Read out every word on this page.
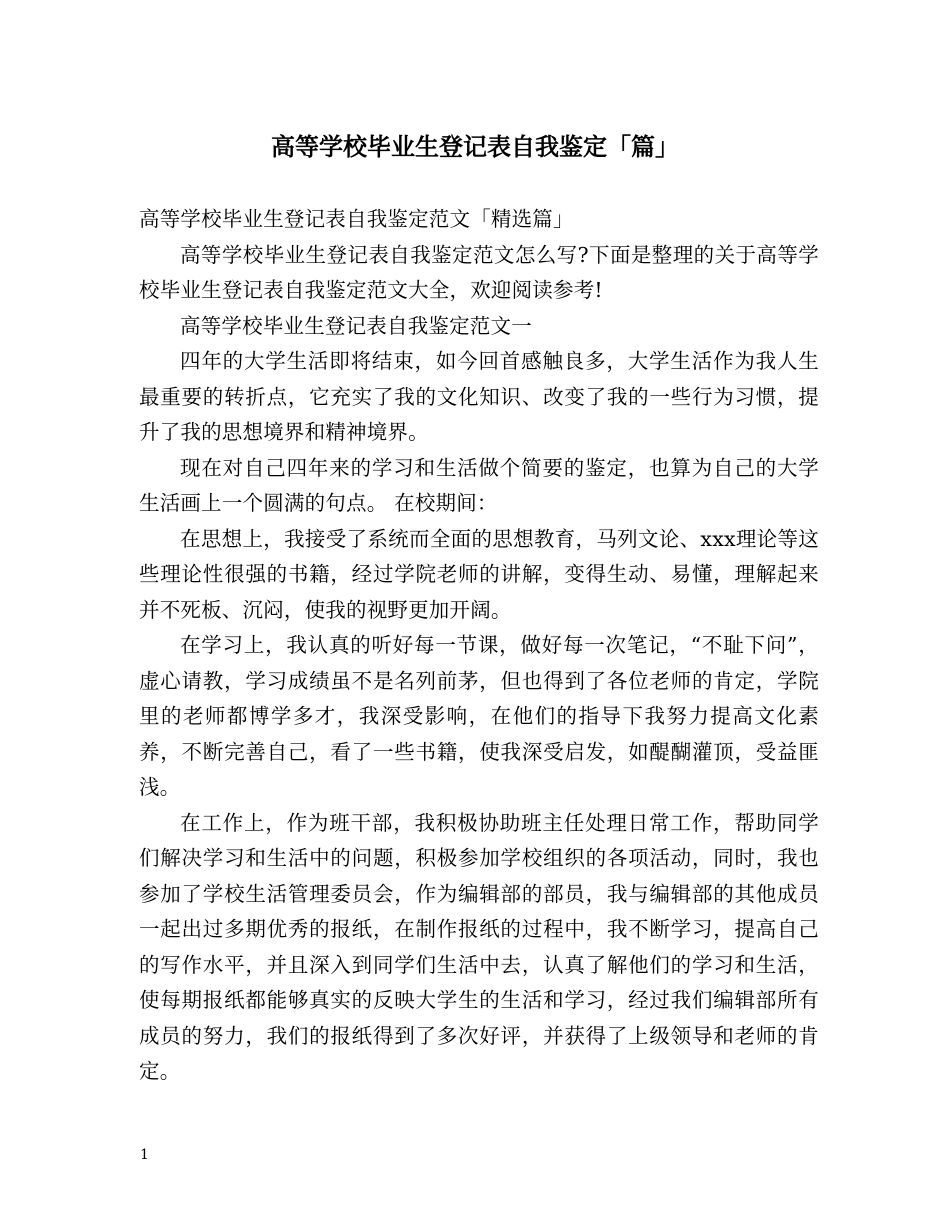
高等学校毕业生登记表自我鉴定「篇」

高等学校毕业生登记表自我鉴定范文「精选篇」

高等学校毕业生登记表自我鉴定范文怎么写?下面是整理的关于高等学校毕业生登记表自我鉴定范文大全，欢迎阅读参考!

高等学校毕业生登记表自我鉴定范文一

四年的大学生活即将结束，如今回首感触良多，大学生活作为我人生最重要的转折点，它充实了我的文化知识、改变了我的一些行为习惯，提升了我的思想境界和精神境界。

现在对自己四年来的学习和生活做个简要的鉴定，也算为自己的大学生活画上一个圆满的句点。 在校期间：

在思想上，我接受了系统而全面的思想教育，马列文论、xxx理论等这些理论性很强的书籍，经过学院老师的讲解，变得生动、易懂，理解起来并不死板、沉闷，使我的视野更加开阔。

在学习上，我认真的听好每一节课，做好每一次笔记，“不耻下问”，虚心请教，学习成绩虽不是名列前茅，但也得到了各位老师的肯定，学院里的老师都博学多才，我深受影响，在他们的指导下我努力提高文化素养，不断完善自己，看了一些书籍，使我深受启发，如醍醐灌顶，受益匪浅。

在工作上，作为班干部，我积极协助班主任处理日常工作，帮助同学们解决学习和生活中的问题，积极参加学校组织的各项活动，同时，我也参加了学校生活管理委员会，作为编辑部的部员，我与编辑部的其他成员一起出过多期优秀的报纸，在制作报纸的过程中，我不断学习，提高自己的写作水平，并且深入到同学们生活中去，认真了解他们的学习和生活，使每期报纸都能够真实的反映大学生的生活和学习，经过我们编辑部所有成员的努力，我们的报纸得到了多次好评，并获得了上级领导和老师的肯定。

1
